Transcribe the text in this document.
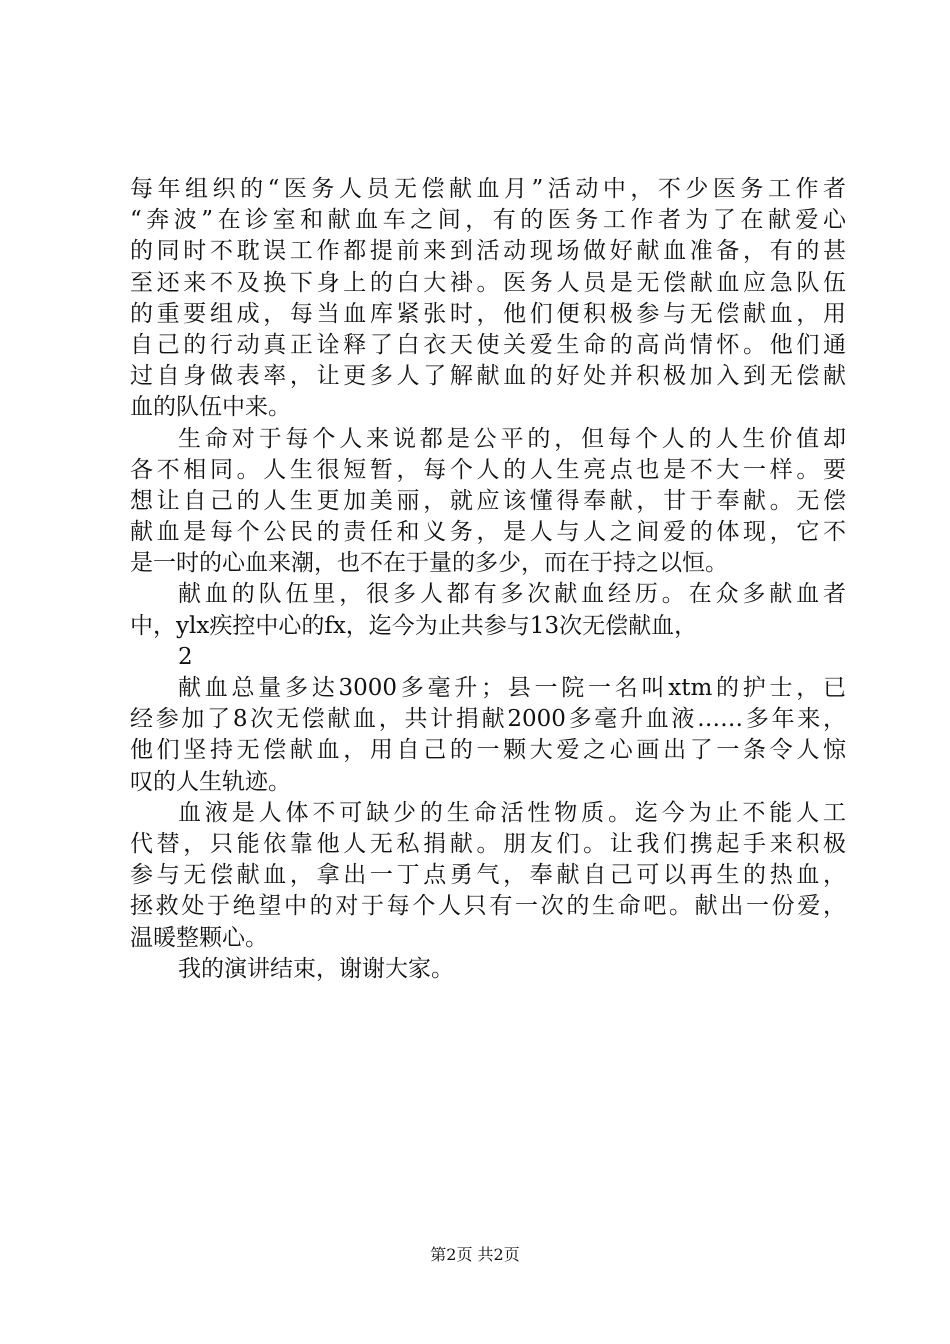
每年组织的“医务人员无偿献血月”活动中，不少医务工作者
“奔波”在诊室和献血车之间，有的医务工作者为了在献爱心
的同时不耽误工作都提前来到活动现场做好献血准备，有的甚
至还来不及换下身上的白大褂。医务人员是无偿献血应急队伍
的重要组成，每当血库紧张时，他们便积极参与无偿献血，用
自己的行动真正诠释了白衣天使关爱生命的高尚情怀。他们通
过自身做表率，让更多人了解献血的好处并积极加入到无偿献
血的队伍中来。
生命对于每个人来说都是公平的，但每个人的人生价值却
各不相同。人生很短暂，每个人的人生亮点也是不大一样。要
想让自己的人生更加美丽，就应该懂得奉献，甘于奉献。无偿
献血是每个公民的责任和义务，是人与人之间爱的体现，它不
是一时的心血来潮，也不在于量的多少，而在于持之以恒。
献血的队伍里，很多人都有多次献血经历。在众多献血者
中，ylx疾控中心的fx，迄今为止共参与13次无偿献血，
2
献血总量多达3000多毫升；县一院一名叫xtm的护士，已
经参加了8次无偿献血，共计捐献2000多毫升血液……多年来，
他们坚持无偿献血，用自己的一颗大爱之心画出了一条令人惊
叹的人生轨迹。
血液是人体不可缺少的生命活性物质。迄今为止不能人工
代替，只能依靠他人无私捐献。朋友们。让我们携起手来积极
参与无偿献血，拿出一丁点勇气，奉献自己可以再生的热血，
拯救处于绝望中的对于每个人只有一次的生命吧。献出一份爱，
温暖整颗心。
我的演讲结束，谢谢大家。
第2页 共2页
